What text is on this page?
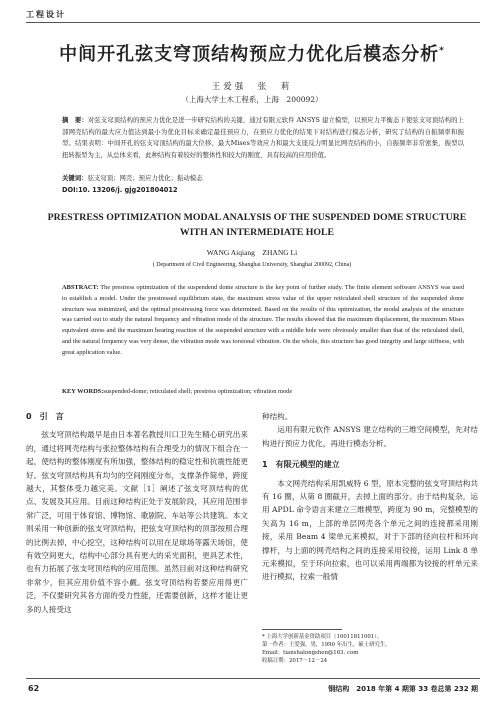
工程设计
中间开孔弦支穹顶结构预应力优化后模态分析*
王爱强　张　莉
（上海大学土木工程系，上海　200092）
摘　要：对弦支穹顶结构的预应力优化是进一步研究结构的关键，通过有限元软件 ANSYS 建立模型，以预应力平衡态下使弦支穹顶结构的上部网壳结构的最大应力值达到最小为优化目标来确定最佳预应力，在预应力优化的结果下对结构进行模态分析，研究了结构的自振频率和振型。结果表明：中间开孔的弦支穹顶结构的最大位移、最大Mises等效应力和最大支座反力明显比网壳结构的小，自振频率非常密集，振型以扭转振型为主，从总体来看，此种结构有着较好的整体性和较大的刚度，具有较高的应用价值。
关键词：弦支穹顶；网壳；预应力优化；振动模态
DOI:10. 13206/j. gjg201804012
PRESTRESS OPTIMIZATION MODAL ANALYSIS OF THE SUSPENDED DOME STRUCTURE WITH AN INTERMEDIATE HOLE
WANG Aiqiang　ZHANG Li
( Department of Civil Engineering, Shanghai University, Shanghai 200092, China)
ABSTRACT: The prestress optimization of the suspendend dome structure is the key point of further study. The finite element software ANSYS was used to establish a model. Under the prestressed equilibrium state, the maximum stress value of the upper reticulated shell structure of the suspended dome structure was minimized, and the optimal prestressing force was determined. Based on the results of this optimization, the modal analysis of the structure was carried out to study the natural frequency and vibration mode of the structure. The results showed that the maximum displacement, the maximum Mises equivalent stress and the maximum bearing reaction of the suspended structure with a middle hole were obviously smaller than that of the reticulated shell, and the natural frequency was very dense, the vibration mode was torsional vibration. On the whole, this structure has good integrity and large stiffness, with great application value.
KEY WORDS:suspended-dome; reticulated shell; prestress optimization; vibration mode
0　引　言

弦支穹顶结构最早是由日本著名教授川口卫先生精心研究出来的，通过将网壳结构与张拉整体结构有合理受力的情况下组合在一起，使结构的整体刚度有所加强，整体结构的稳定性和抗震性能更好。弦支穹顶结构具有均匀的空间刚度分布，支撑条件简单，跨度越大，其整体受力越完美。文献［1］阐述了弦支穹顶结构的优点、发展及其应用。目前这种结构正处于发展阶段，其应用范围非常广泛，可用于体育馆、博物馆、歌剧院、车站等公共建筑。本文则采用一种创新的弦支穹顶结构，把弦支穹顶结构的顶部按照合理的比例去掉，中心挖空，这种结构可以用在足球场等露天场馆，使有效空间更大，结构中心部分具有更大的采光面积，更具艺术性，也有力拓展了弦支穹顶结构的应用范围。虽然目前对这种结构研究非常少，但其应用价值不容小觑。弦支穹顶结构若要应用得更广泛，不仅要研究其各方面的受力性能，还需要创新，这样才能让更多的人接受这

种结构。

运用有限元软件 ANSYS 建立结构的三维空间模型，先对结构进行预应力优化，再进行模态分析。

1　有限元模型的建立

本文网壳结构采用凯威特 6 型，原本完整的弦支穹顶结构共有 16 圈，从第 8 圈截开，去掉上面的部分。由于结构复杂，运用 APDL 命令语言来建立三维模型，跨度为 90 m，完整模型的矢高为 16 m，上部的单层网壳各个单元之间的连接都采用刚接，采用 Beam 4 梁单元来模拟，对于下部的径向拉杆和环向撑杆，与上面的网壳结构之间的连接采用铰接，运用 Link 8 单元来模拟，至于环向拉索，也可以采用两端都为铰接的杆单元来进行模拟，拉索一般情

* 上海大学创新基金资助项目（10011811001）。
第一作者：王爱强，男，1990 年出生，硕士研究生。
Email：tianshalongshen@163. com
收稿日期：2017－12－24
62	钢结构　2018 年第 4 期第 33 卷总第 232 期
